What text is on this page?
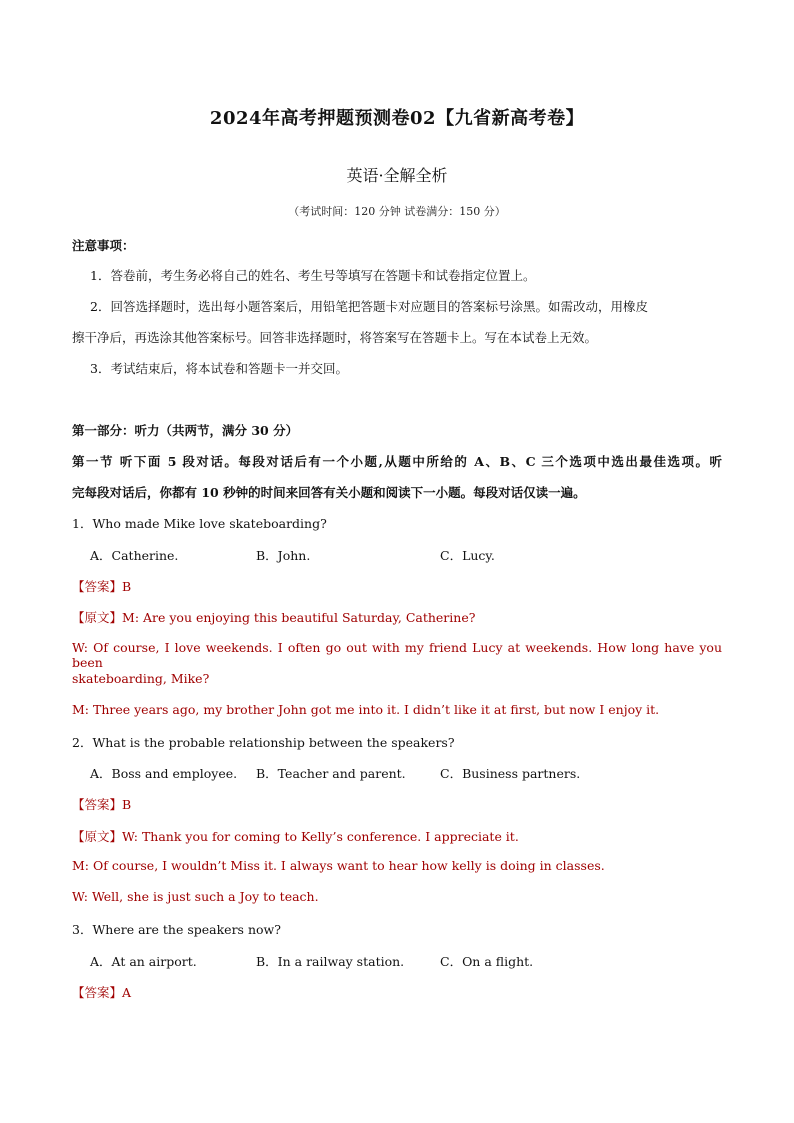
2024年高考押题预测卷02【九省新高考卷】
英语·全解全析
（考试时间：120 分钟 试卷满分：150 分）
注意事项：
1．答卷前，考生务必将自己的姓名、考生号等填写在答题卡和试卷指定位置上。
2．回答选择题时，选出每小题答案后，用铅笔把答题卡对应题目的答案标号涂黑。如需改动，用橡皮
擦干净后，再选涂其他答案标号。回答非选择题时，将答案写在答题卡上。写在本试卷上无效。
3．考试结束后，将本试卷和答题卡一并交回。
第一部分：听力（共两节，满分 30 分）
第一节 听下面 5 段对话。每段对话后有一个小题,从题中所给的 A、B、C 三个选项中选出最佳选项。听
完每段对话后，你都有 10 秒钟的时间来回答有关小题和阅读下一小题。每段对话仅读一遍。
1．Who made Mike love skateboarding?
A．Catherine.	B．John.	C．Lucy.
【答案】B
【原文】M: Are you enjoying this beautiful Saturday, Catherine?
W: Of course, I love weekends. I often go out with my friend Lucy at weekends. How long have you been
skateboarding, Mike?
M: Three years ago, my brother John got me into it. I didn’t like it at first, but now I enjoy it.
2．What is the probable relationship between the speakers?
A．Boss and employee. B．Teacher and parent.	C．Business partners.
【答案】B
【原文】W: Thank you for coming to Kelly’s conference. I appreciate it.
M: Of course, I wouldn’t Miss it. I always want to hear how kelly is doing in classes.
W: Well, she is just such a Joy to teach.
3．Where are the speakers now?
A．At an airport.	B．In a railway station.	C．On a flight.
【答案】A
